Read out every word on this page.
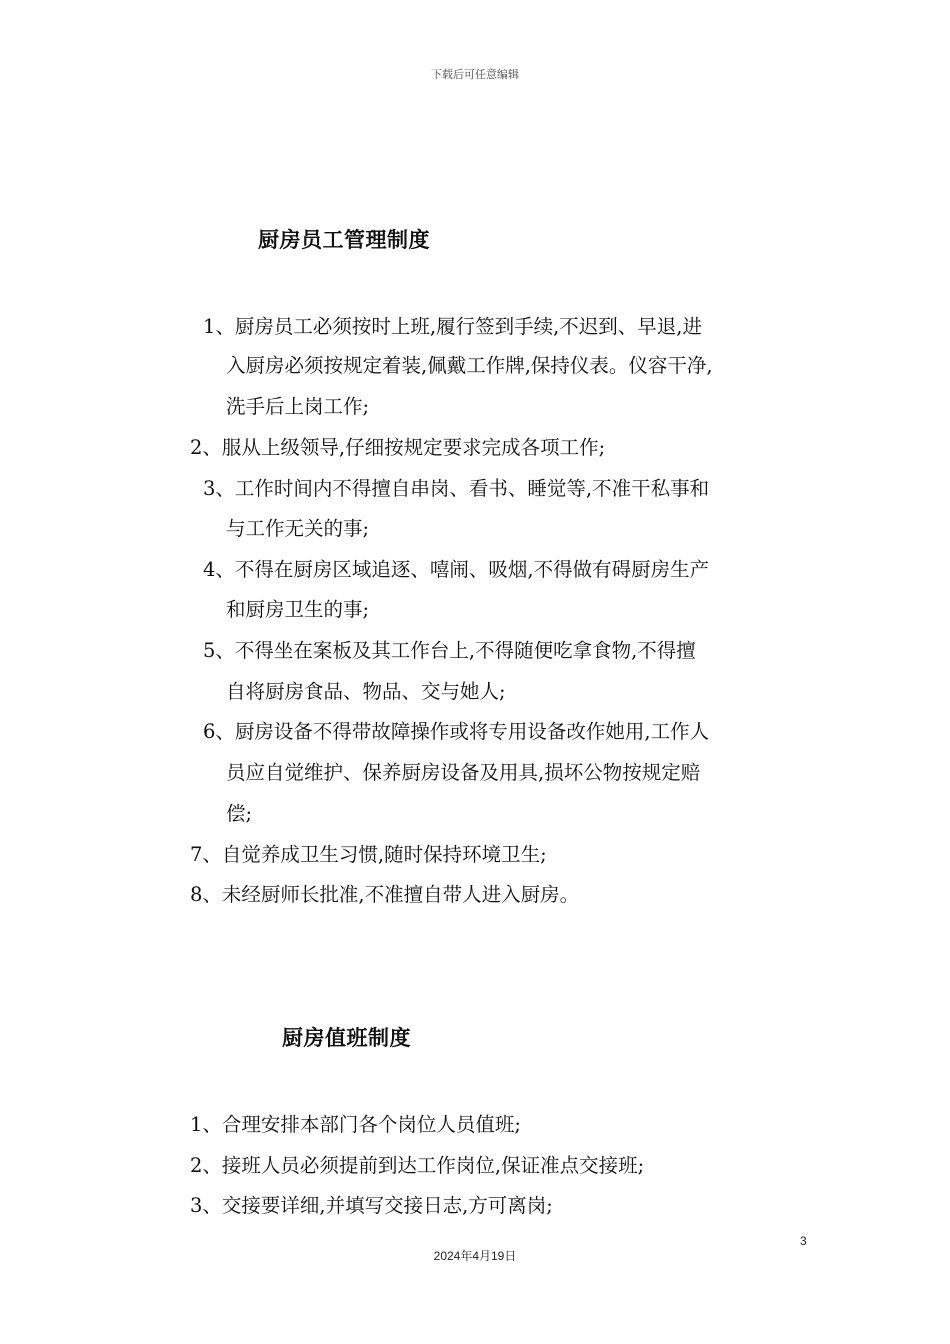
下载后可任意编辑
厨房员工管理制度
1、厨房员工必须按时上班,履行签到手续,不迟到、早退,进
入厨房必须按规定着装,佩戴工作牌,保持仪表。仪容干净,
洗手后上岗工作;
2、服从上级领导,仔细按规定要求完成各项工作;
3、工作时间内不得擅自串岗、看书、睡觉等,不准干私事和
与工作无关的事;
4、不得在厨房区域追逐、嘻闹、吸烟,不得做有碍厨房生产
和厨房卫生的事;
5、不得坐在案板及其工作台上,不得随便吃拿食物,不得擅
自将厨房食品、物品、交与她人;
6、厨房设备不得带故障操作或将专用设备改作她用,工作人
员应自觉维护、保养厨房设备及用具,损坏公物按规定赔
偿;
7、自觉养成卫生习惯,随时保持环境卫生;
8、未经厨师长批准,不准擅自带人进入厨房。
厨房值班制度
1、合理安排本部门各个岗位人员值班;
2、接班人员必须提前到达工作岗位,保证准点交接班;
3、交接要详细,并填写交接日志,方可离岗;
3
2024年4月19日
